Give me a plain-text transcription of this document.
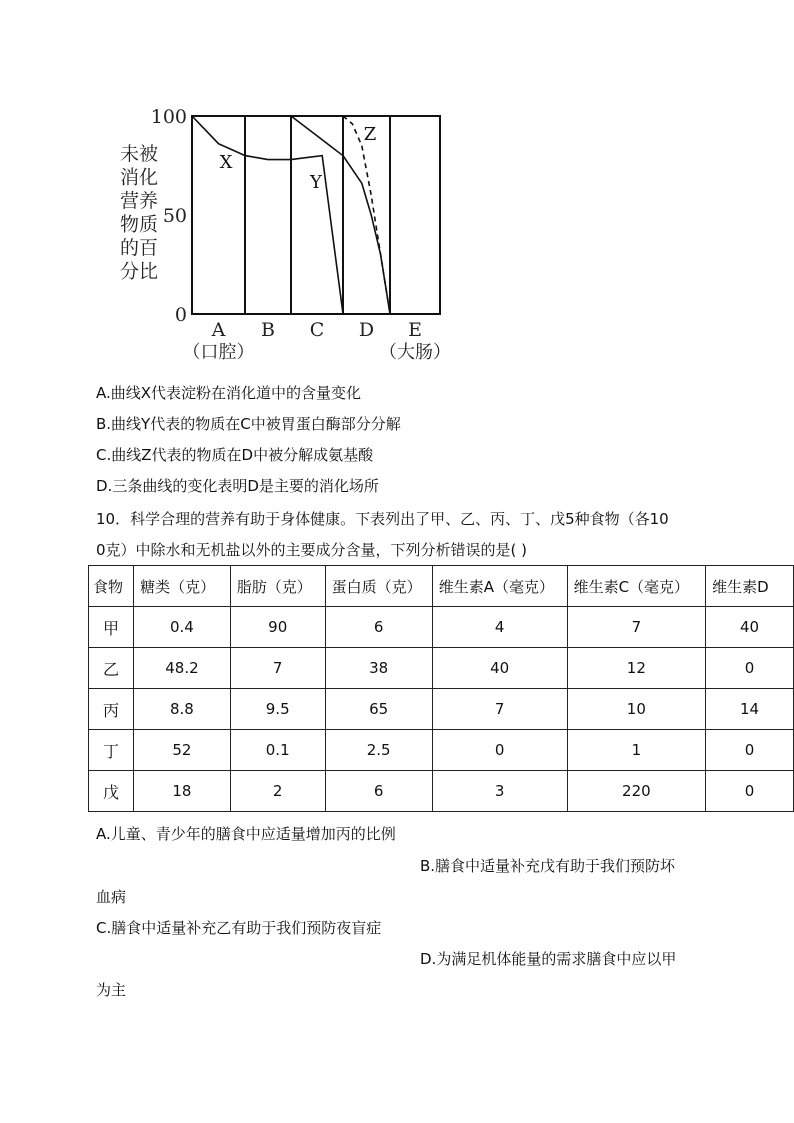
未被
消化
营养
物质
的百
分比
100
50
0
A
（口腔）
B C D E
（大肠）
X
Y
Z
A.曲线X代表淀粉在消化道中的含量变化
B.曲线Y代表的物质在C中被胃蛋白酶部分分解
C.曲线Z代表的物质在D中被分解成氨基酸
D.三条曲线的变化表明D是主要的消化场所
10．科学合理的营养有助于身体健康。下表列出了甲、乙、丙、丁、戊5种食物（各10
0克）中除水和无机盐以外的主要成分含量，下列分析错误的是( )
食物	糖类（克）	脂肪（克）	蛋白质（克）	维生素A（毫克）	维生素C（毫克）	维生素D
甲	0.4	90	6	4	7	40
乙	48.2	7	38	40	12	0
丙	8.8	9.5	65	7	10	14
丁	52	0.1	2.5	0	1	0
戊	18	2	6	3	220	0
A.儿童、青少年的膳食中应适量增加丙的比例
B.膳食中适量补充戊有助于我们预防坏
血病
C.膳食中适量补充乙有助于我们预防夜盲症
D.为满足机体能量的需求膳食中应以甲
为主
